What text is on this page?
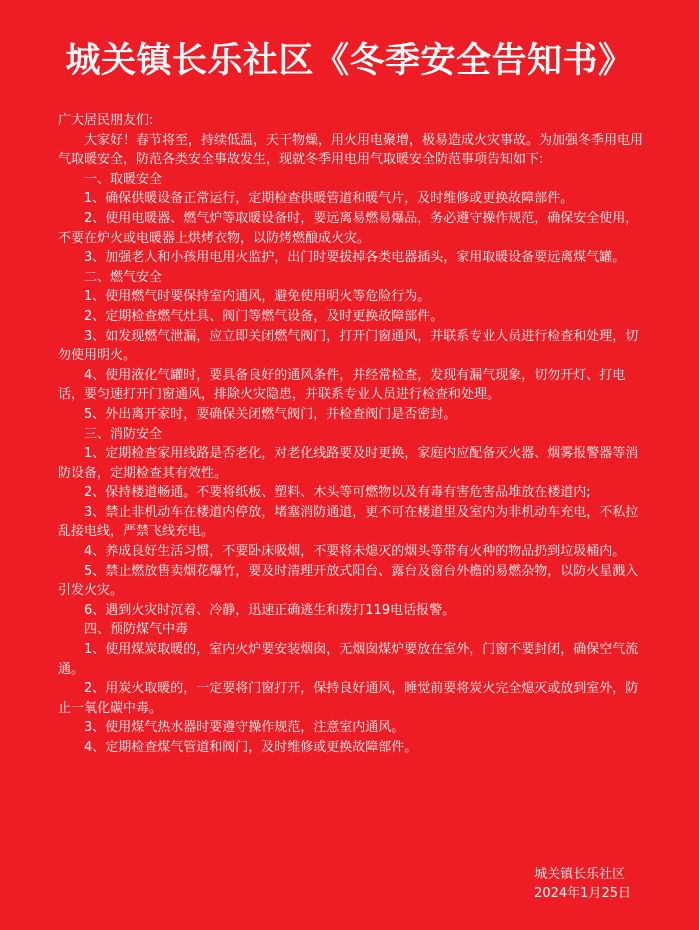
城关镇长乐社区《冬季安全告知书》

广大居民朋友们:

大家好！春节将至，持续低温，天干物燥，用火用电聚增，极易造成火灾事故。为加强冬季用电用气取暖安全，防范各类安全事故发生，现就冬季用电用气取暖安全防范事项告知如下:

一、取暖安全

1、确保供暖设备正常运行，定期检查供暖管道和暖气片，及时维修或更换故障部件。

2、使用电暖器、燃气炉等取暖设备时，要远离易燃易爆品，务必遵守操作规范，确保安全使用，不要在炉火或电暖器上烘烤衣物，以防烤燃酿成火灾。

3、加强老人和小孩用电用火监护，出门时要拔掉各类电器插头，家用取暖设备要远离煤气罐。

二、燃气安全

1、使用燃气时要保持室内通风，避免使用明火等危险行为。

2、定期检查燃气灶具、阀门等燃气设备，及时更换故障部件。

3、如发现燃气泄漏，应立即关闭燃气阀门，打开门窗通风，并联系专业人员进行检查和处理，切勿使用明火。

4、使用液化气罐时，要具备良好的通风条件，并经常检查，发现有漏气现象，切勿开灯、打电话，要匀速打开门窗通风，排除火灾隐患，并联系专业人员进行检查和处理。

5、外出离开家时，要确保关闭燃气阀门，并检查阀门是否密封。

三、消防安全

1、定期检查家用线路是否老化，对老化线路要及时更换，家庭内应配备灭火器、烟雾报警器等消防设备，定期检查其有效性。

2、保持楼道畅通。不要将纸板、塑料、木头等可燃物以及有毒有害危害品堆放在楼道内;

3、禁止非机动车在楼道内停放，堵塞消防通道，更不可在楼道里及室内为非机动车充电，不私拉乱接电线，严禁飞线充电。

4、养成良好生活习惯，不要卧床吸烟，不要将未熄灭的烟头等带有火种的物品扔到垃圾桶内。

5、禁止燃放售卖烟花爆竹，要及时清理开放式阳台、露台及窗台外檐的易燃杂物，以防火星溅入引发火灾。

6、遇到火灾时沉着、冷静，迅速正确逃生和拨打119电话报警。

四、预防煤气中毒

1、使用煤炭取暖的，室内火炉要安装烟囱，无烟囱煤炉要放在室外，门窗不要封闭，确保空气流通。

2、用炭火取暖的，一定要将门窗打开，保持良好通风，睡觉前要将炭火完全熄灭或放到室外，防止一氧化碳中毒。

3、使用煤气热水器时要遵守操作规范，注意室内通风。

4、定期检查煤气管道和阀门，及时维修或更换故障部件。

城关镇长乐社区
2024年1月25日
